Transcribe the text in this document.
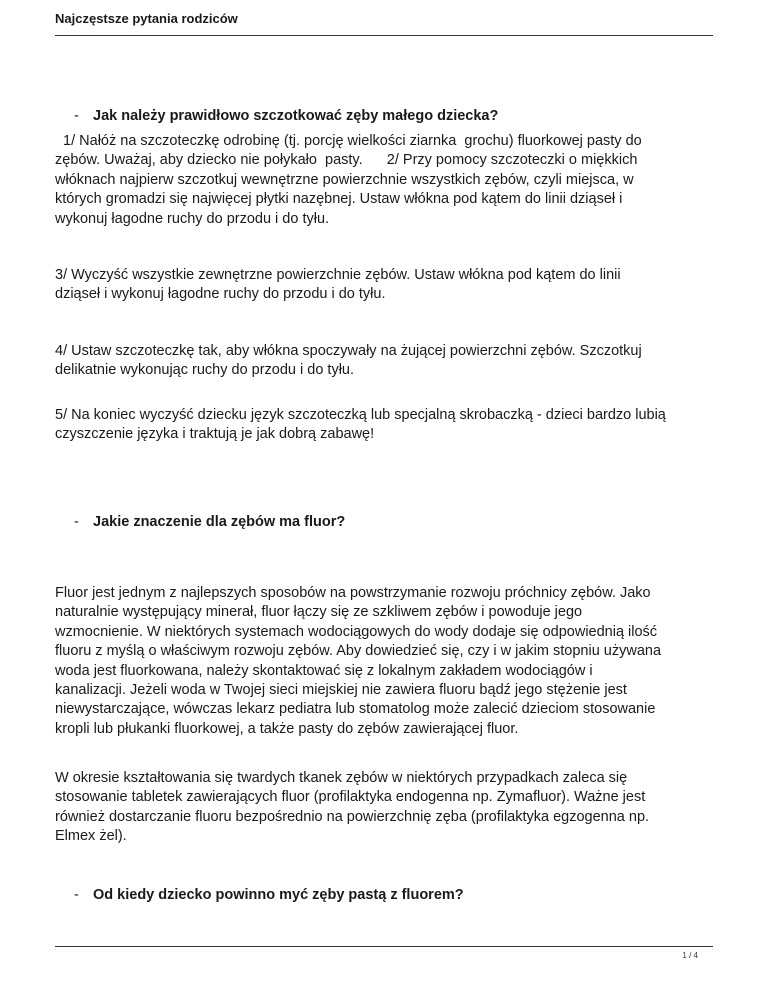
Najczęstsze pytania rodziców
- Jak należy prawidłowo szczotkować zęby małego dziecka?
1/ Nałóż na szczoteczkę odrobinę (tj. porcję wielkości ziarnka  grochu) fluorkowej pasty do
zębów. Uważaj, aby dziecko nie połykało  pasty.      2/ Przy pomocy szczoteczki o miękkich
włóknach najpierw szczotkuj wewnętrzne powierzchnie wszystkich zębów, czyli miejsca, w
których gromadzi się najwięcej płytki nazębnej. Ustaw włókna pod kątem do linii dziąseł i
wykonuj łagodne ruchy do przodu i do tyłu.
3/ Wyczyść wszystkie zewnętrzne powierzchnie zębów. Ustaw włókna pod kątem do linii
dziąseł i wykonuj łagodne ruchy do przodu i do tyłu.
4/ Ustaw szczoteczkę tak, aby włókna spoczywały na żującej powierzchni zębów. Szczotkuj
delikatnie wykonując ruchy do przodu i do tyłu.
5/ Na koniec wyczyść dziecku język szczoteczką lub specjalną skrobaczką - dzieci bardzo lubią
czyszczenie języka i traktują je jak dobrą zabawę!
- Jakie znaczenie dla zębów ma fluor?
Fluor jest jednym z najlepszych sposobów na powstrzymanie rozwoju próchnicy zębów. Jako
naturalnie występujący minerał, fluor łączy się ze szkliwem zębów i powoduje jego
wzmocnienie. W niektórych systemach wodociągowych do wody dodaje się odpowiednią ilość
fluoru z myślą o właściwym rozwoju zębów. Aby dowiedzieć się, czy i w jakim stopniu używana
woda jest fluorkowana, należy skontaktować się z lokalnym zakładem wodociągów i
kanalizacji. Jeżeli woda w Twojej sieci miejskiej nie zawiera fluoru bądź jego stężenie jest
niewystarczające, wówczas lekarz pediatra lub stomatolog może zalecić dzieciom stosowanie
kropli lub płukanki fluorkowej, a także pasty do zębów zawierającej fluor.
W okresie kształtowania się twardych tkanek zębów w niektórych przypadkach zaleca się
stosowanie tabletek zawierających fluor (profilaktyka endogenna np. Zymafluor). Ważne jest
również dostarczanie fluoru bezpośrednio na powierzchnię zęba (profilaktyka egzogenna np.
Elmex żel).
- Od kiedy dziecko powinno myć zęby pastą z fluorem?
1 / 4
